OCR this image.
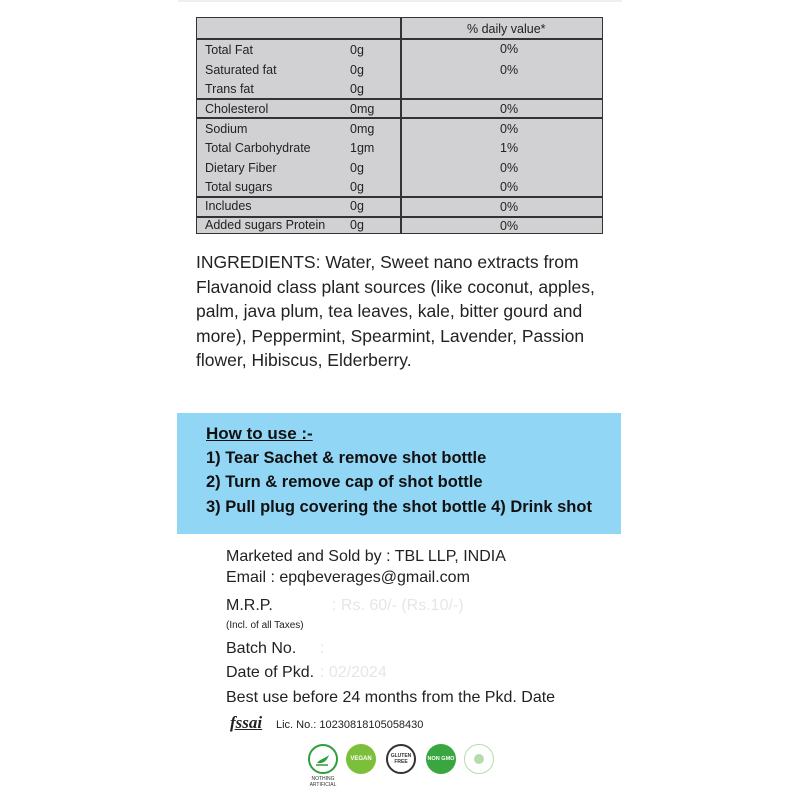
% daily value*
Total Fat	0g	0%
Saturated fat	0g	0%
Trans fat	0g
Cholesterol	0mg	0%
Sodium	0mg	0%
Total Carbohydrate	1gm	1%
Dietary Fiber	0g	0%
Total sugars	0g	0%
Includes	0g	0%
Added sugars Protein 0g	0%
INGREDIENTS: Water, Sweet nano extracts from Flavanoid class plant sources (like coconut, apples, palm, java plum, tea leaves, kale, bitter gourd and more), Peppermint, Spearmint, Lavender, Passion flower, Hibiscus, Elderberry.
How to use :-
1) Tear Sachet & remove shot bottle
2) Turn & remove cap of shot bottle
3) Pull plug covering the shot bottle 4) Drink shot
Marketed and Sold by : TBL LLP, INDIA
Email : epqbeverages@gmail.com
M.R.P.	: Rs. 60/- (Rs.10/-)
(Incl. of all Taxes)
Batch No. :
Date of Pkd. : 02/2024
Best use before 24 months from the Pkd. Date
fssai Lic. No.: 10230818105058430
NOTHING ARTIFICIAL
VEGAN	GLUTEN FREE	NON GMO
